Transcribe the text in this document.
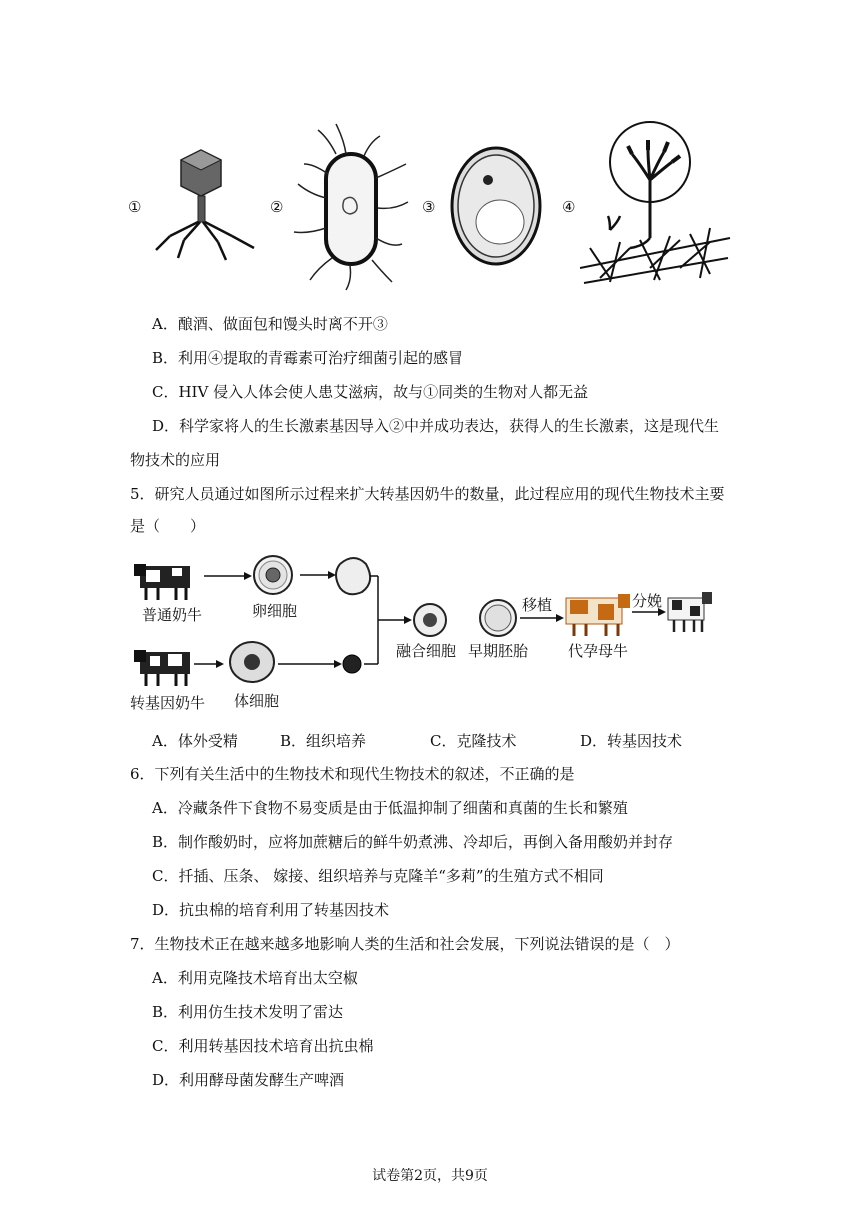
①	②	③	④
A．酿酒、做面包和馒头时离不开③
B．利用④提取的青霉素可治疗细菌引起的感冒
C．HIV 侵入人体会使人患艾滋病，故与①同类的生物对人都无益
D．科学家将人的生长激素基因导入②中并成功表达，获得人的生长激素，这是现代生
物技术的应用
5．研究人员通过如图所示过程来扩大转基因奶牛的数量，此过程应用的现代生物技术主要
是（　　）
普通奶牛	卵细胞
转基因奶牛 体细胞
融合细胞 早期胚胎
移植
代孕母牛
分娩
A．体外受精	B．组织培养	C．克隆技术	D．转基因技术
6．下列有关生活中的生物技术和现代生物技术的叙述，不正确的是
A．冷藏条件下食物不易变质是由于低温抑制了细菌和真菌的生长和繁殖
B．制作酸奶时，应将加蔗糖后的鲜牛奶煮沸、冷却后，再倒入备用酸奶并封存
C．扦插、压条、 嫁接、组织培养与克隆羊“多莉”的生殖方式不相同
D．抗虫棉的培育利用了转基因技术
7．生物技术正在越来越多地影响人类的生活和社会发展，下列说法错误的是（　）
A．利用克隆技术培育出太空椒
B．利用仿生技术发明了雷达
C．利用转基因技术培育出抗虫棉
D．利用酵母菌发酵生产啤酒
试卷第2页，共9页
